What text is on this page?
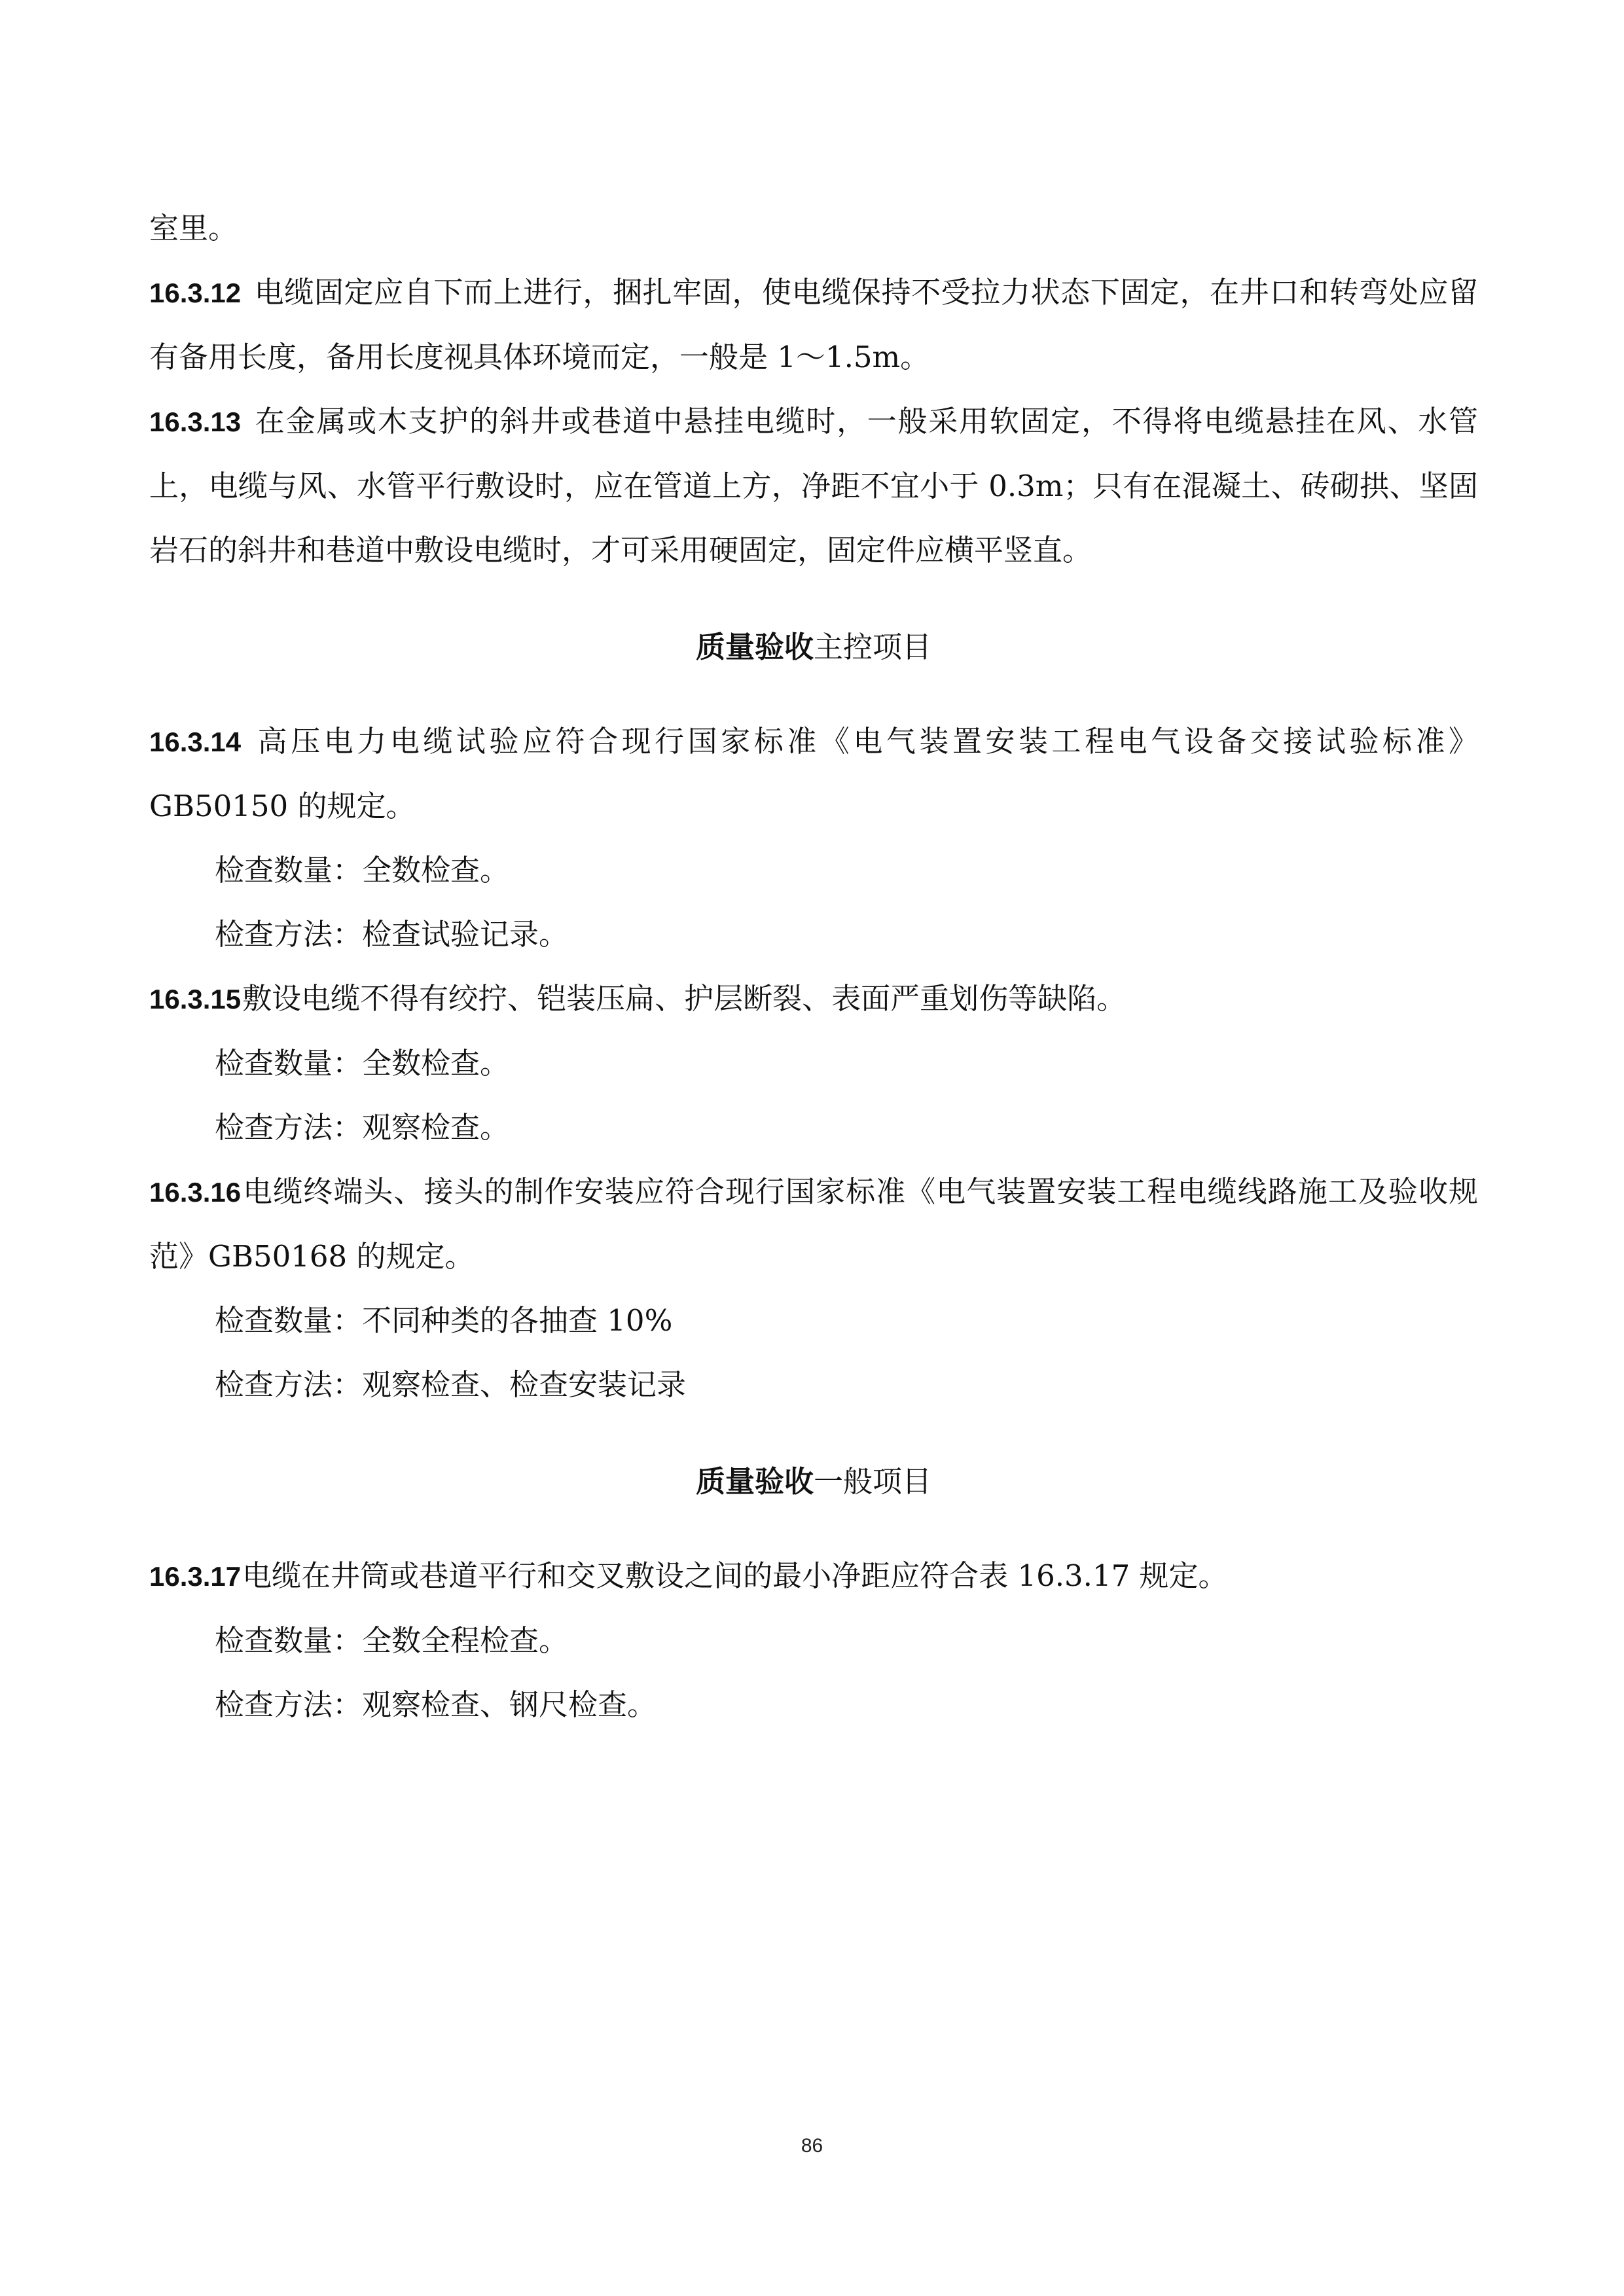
室里。

16.3.12 电缆固定应自下而上进行，捆扎牢固，使电缆保持不受拉力状态下固定，在井口和转弯处应留有备用长度，备用长度视具体环境而定，一般是 1～1.5m。

16.3.13 在金属或木支护的斜井或巷道中悬挂电缆时，一般采用软固定，不得将电缆悬挂在风、水管上，电缆与风、水管平行敷设时，应在管道上方，净距不宜小于 0.3m；只有在混凝土、砖砌拱、坚固岩石的斜井和巷道中敷设电缆时，才可采用硬固定，固定件应横平竖直。

质量验收主控项目

16.3.14 高压电力电缆试验应符合现行国家标准《电气装置安装工程电气设备交接试验标准》GB50150 的规定。

检查数量：全数检查。

检查方法：检查试验记录。

16.3.15敷设电缆不得有绞拧、铠装压扁、护层断裂、表面严重划伤等缺陷。

检查数量：全数检查。

检查方法：观察检查。

16.3.16电缆终端头、接头的制作安装应符合现行国家标准《电气装置安装工程电缆线路施工及验收规范》GB50168 的规定。

检查数量：不同种类的各抽查 10%

检查方法：观察检查、检查安装记录

质量验收一般项目

16.3.17电缆在井筒或巷道平行和交叉敷设之间的最小净距应符合表 16.3.17 规定。

检查数量：全数全程检查。

检查方法：观察检查、钢尺检查。

86
